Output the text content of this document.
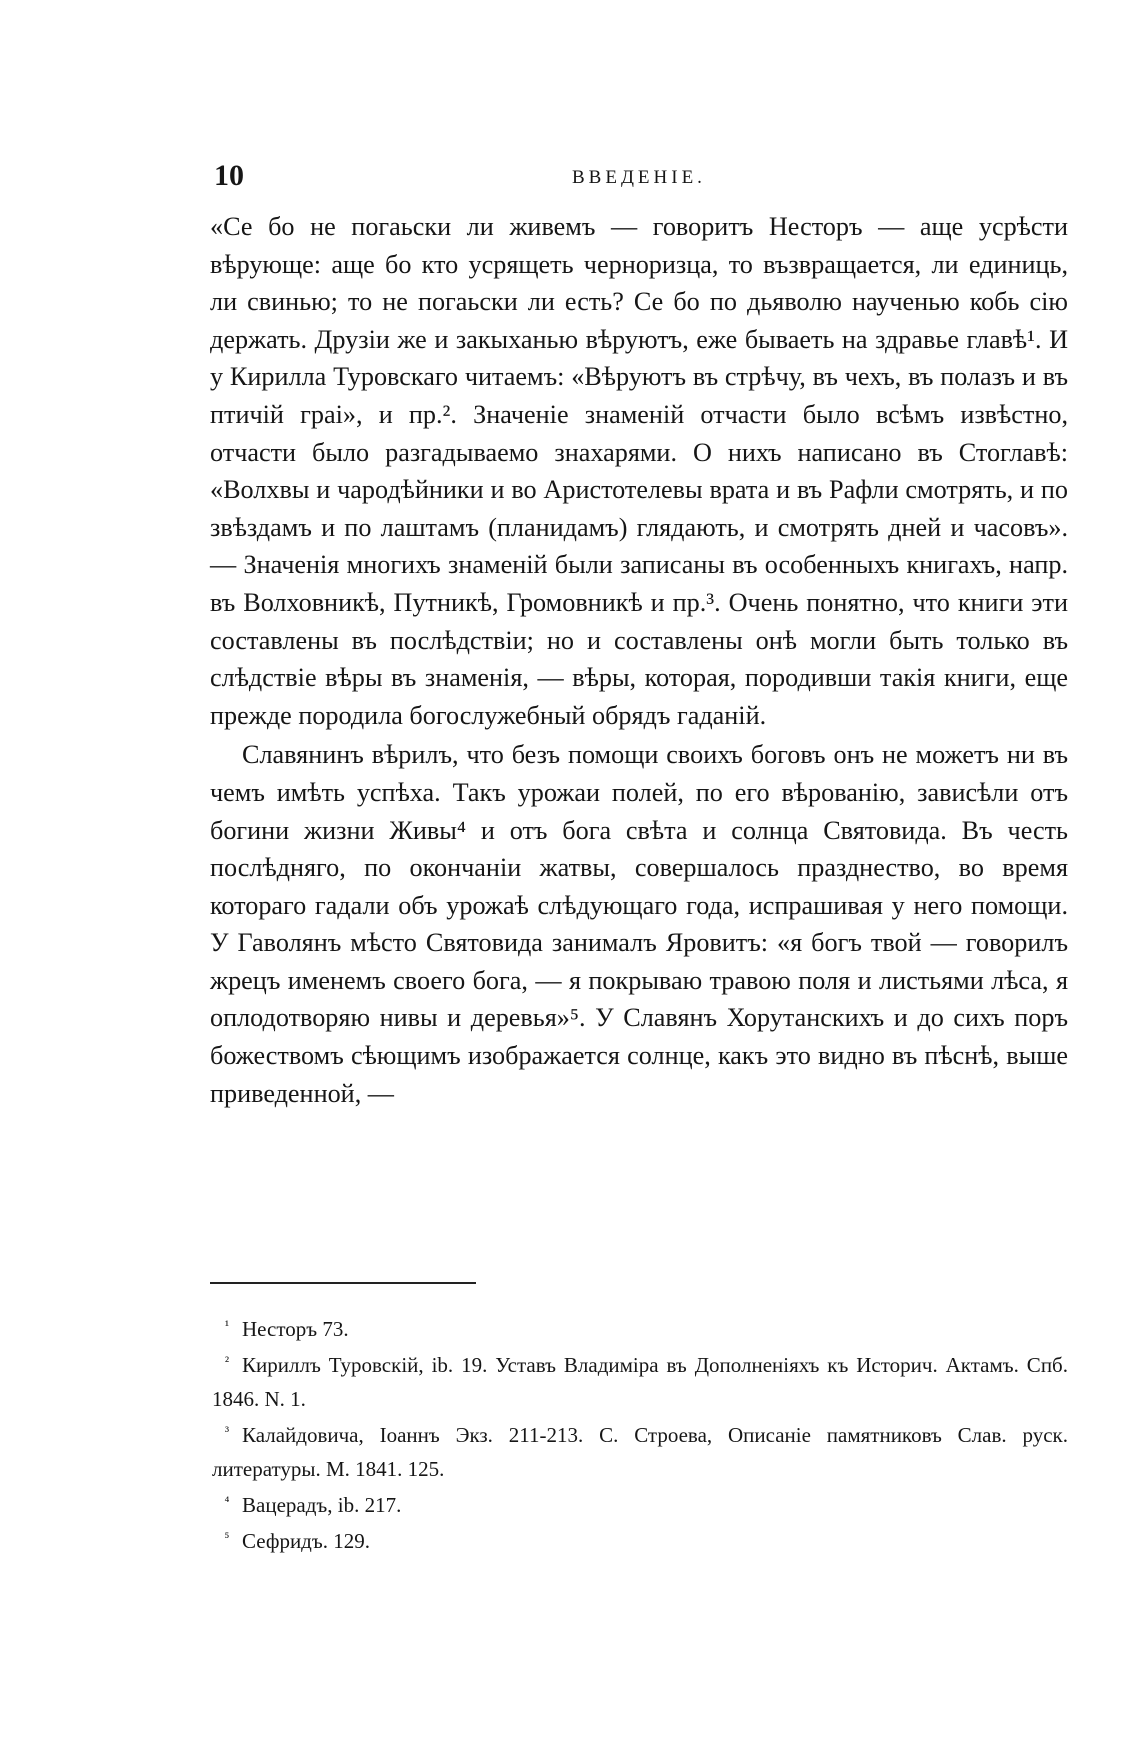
10	ВВЕДЕНІЕ.

«Се бо не погаьски ли живемъ — говоритъ Несторъ — аще усрѣсти вѣрующе: аще бо кто усрящеть черноризца, то възвращается, ли единиць, ли свинью; то не погаьски ли есть? Се бо по дьяволю наученью кобь сію держать. Друзіи же и закыханью вѣруютъ, еже бываеть на здравье главѣ¹. И у Кирилла Туровскаго читаемъ: «Вѣруютъ въ стрѣчу, въ чехъ, въ полазъ и въ птичій граі», и пр.². Значеніе знаменій отчасти было всѣмъ извѣстно, отчасти было разгадываемо знахарями. О нихъ написано въ Стоглавѣ: «Волхвы и чародѣйники и во Аристотелевы врата и въ Рафли смотрять, и по звѣздамъ и по лаштамъ (планидамъ) глядають, и смотрять дней и часовъ». — Значенія многихъ знаменій были записаны въ особенныхъ книгахъ, напр. въ Волховникѣ, Путникѣ, Громовникѣ и пр.³. Очень понятно, что книги эти составлены въ послѣдствіи; но и составлены онѣ могли быть только въ слѣдствіе вѣры въ знаменія, — вѣры, которая, породивши такія книги, еще прежде породила богослужебный обрядъ гаданій.

Славянинъ вѣрилъ, что безъ помощи своихъ боговъ онъ не можетъ ни въ чемъ имѣть успѣха. Такъ урожаи полей, по его вѣрованію, зависѣли отъ богини жизни Живы⁴ и отъ бога свѣта и солнца Святовида. Въ честь послѣдняго, по окончаніи жатвы, совершалось празднество, во время котораго гадали объ урожаѣ слѣдующаго года, испрашивая у него помощи. У Гаволянъ мѣсто Святовида занималъ Яровитъ: «я богъ твой — говорилъ жрецъ именемъ своего бога, — я покрываю травою поля и листьями лѣса, я оплодотворяю нивы и деревья»⁵. У Славянъ Хорутанскихъ и до сихъ поръ божествомъ сѣющимъ изображается солнце, какъ это видно въ пѣснѣ, выше приведенной, —

¹ Несторъ 73.

² Кириллъ Туровскій, ib. 19. Уставъ Владиміра въ Дополненіяхъ къ Историч. Актамъ. Спб. 1846. N. 1.

³ Калайдовича, Іоаннъ Экз. 211-213. С. Строева, Описаніе памятниковъ Слав. руск. литературы. М. 1841. 125.

⁴ Вацерадъ, ib. 217.

⁵ Сефридъ. 129.
